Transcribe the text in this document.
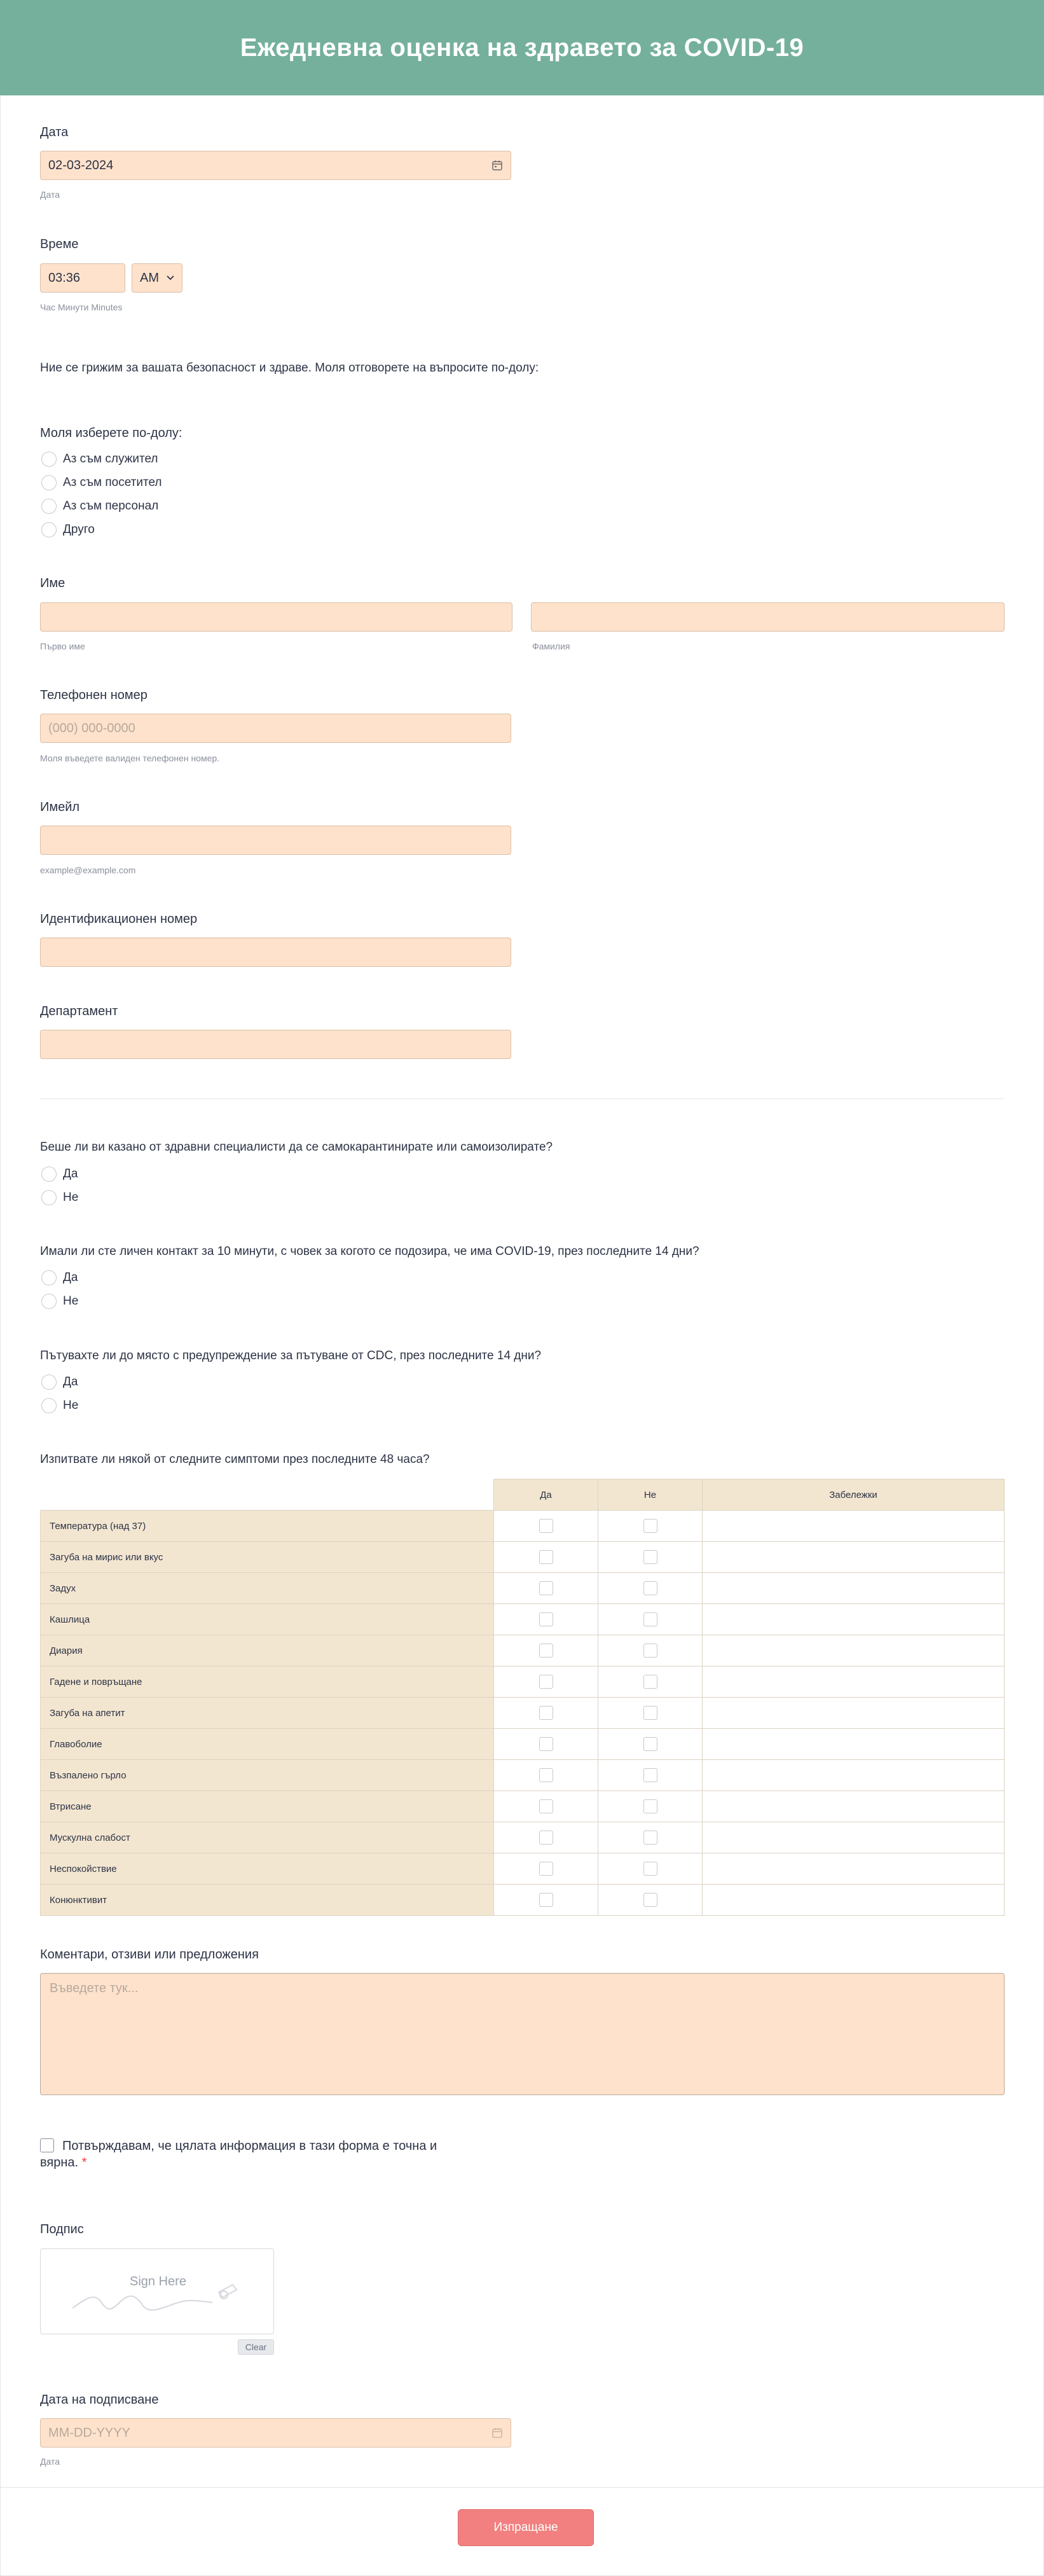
Ежедневна оценка на здравето за COVID-19
Дата
02-03-2024
Дата
Време
03:36	AM
Час Минути Minutes
Ние се грижим за вашата безопасност и здраве. Моля отговорете на въпросите по-долу:
Моля изберете по-долу:
Аз съм служител
Аз съм посетител
Аз съм персонал
Друго
Име
Първо име	Фамилия
Телефонен номер
(000) 000-0000
Моля въведете валиден телефонен номер.
Имейл
example@example.com
Идентификационен номер
Департамент
Беше ли ви казано от здравни специалисти да се самокарантинирате или самоизолирате?
Да
Не
Имали ли сте личен контакт за 10 минути, с човек за когото се подозира, че има COVID-19, през последните 14 дни?
Да
Не
Пътувахте ли до място с предупреждение за пътуване от CDC, през последните 14 дни?
Да
Не
Изпитвате ли някой от следните симптоми през последните 48 часа?
	Да	Не	Забележки
Температура (над 37)			
Загуба на мирис или вкус			
Задух			
Кашлица			
Диария			
Гадене и повръщане			
Загуба на апетит			
Главоболие			
Възпалено гърло			
Втрисане			
Мускулна слабост			
Неспокойствие			
Конюнктивит			
Коментари, отзиви или предложения
Въведете тук...
Потвърждавам, че цялата информация в тази форма е точна и
вярна. *
Подпис
Sign Here
Clear
Дата на подписване
MM-DD-YYYY
Дата
Изпращане
